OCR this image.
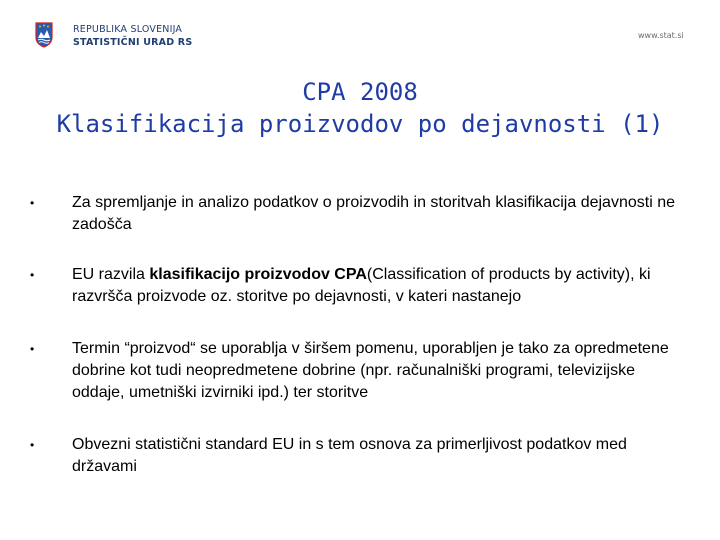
REPUBLIKA SLOVENIJA
STATISTIČNI URAD RS
www.stat.si
CPA 2008
Klasifikacija proizvodov po dejavnosti (1)
• Za spremljanje in analizo podatkov o proizvodih in storitvah klasifikacija dejavnosti ne zadošča
• EU razvila klasifikacijo proizvodov CPA(Classification of products by activity), ki razvršča proizvode oz. storitve po dejavnosti, v kateri nastanejo
• Termin “proizvod“ se uporablja v širšem pomenu, uporabljen je tako za opredmetene dobrine kot tudi neopredmetene dobrine (npr. računalniški programi, televizijske oddaje, umetniški izvirniki ipd.) ter storitve
• Obvezni statistični standard EU in s tem osnova za primerljivost podatkov med državami
